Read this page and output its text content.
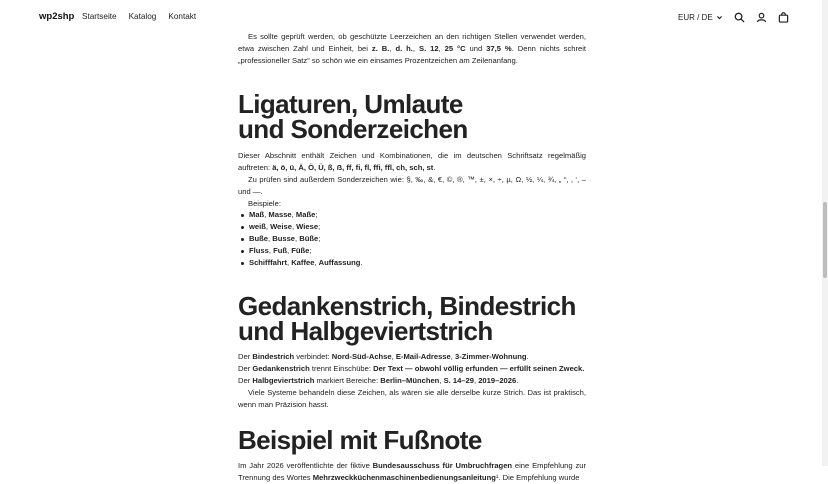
wp2shp Startseite Katalog Kontakt	EUR / DE

Es sollte geprüft werden, ob geschützte Leerzeichen an den richtigen Stellen verwendet werden, etwa zwischen Zahl und Einheit, bei z. B., d. h., S. 12, 25 °C und 37,5 %. Denn nichts schreit „professioneller Satz“ so schön wie ein einsames Prozentzeichen am Zeilenanfang.

Ligaturen, Umlaute
und Sonderzeichen

Dieser Abschnitt enthält Zeichen und Kombinationen, die im deutschen Schriftsatz regelmäßig auftreten: ä, ö, ü, Ä, Ö, Ü, ß, ẞ, ff, fi, fl, ffi, ffl, ch, sch, st.

Zu prüfen sind außerdem Sonderzeichen wie: §, ‰, &, €, ©, ®, ™, ±, ×, ÷, µ, Ω, ½, ¼, ¾, „ “, ‚ ‘, – und —.

Beispiele:

Maß, Masse, Maße;
weiß, Weise, Wiese;
Buße, Busse, Büße;
Fluss, Fuß, Füße;
Schifffahrt, Kaffee, Auffassung.
Gedankenstrich, Bindestrich
und Halbgeviertstrich

Der Bindestrich verbindet: Nord-Süd-Achse, E-Mail-Adresse, 3-Zimmer-Wohnung.

Der Gedankenstrich trennt Einschübe: Der Text — obwohl völlig erfunden — erfüllt seinen Zweck.

Der Halbgeviertstrich markiert Bereiche: Berlin–München, S. 14–29, 2019–2026.

Viele Systeme behandeln diese Zeichen, als wären sie alle derselbe kurze Strich. Das ist praktisch, wenn man Präzision hasst.

Beispiel mit Fußnote

Im Jahr 2026 veröffentlichte der fiktive Bundesausschuss für Umbruchfragen eine Empfehlung zur Trennung des Wortes Mehrzweckküchenmaschinenbedienungsanleitung¹. Die Empfehlung wurde
